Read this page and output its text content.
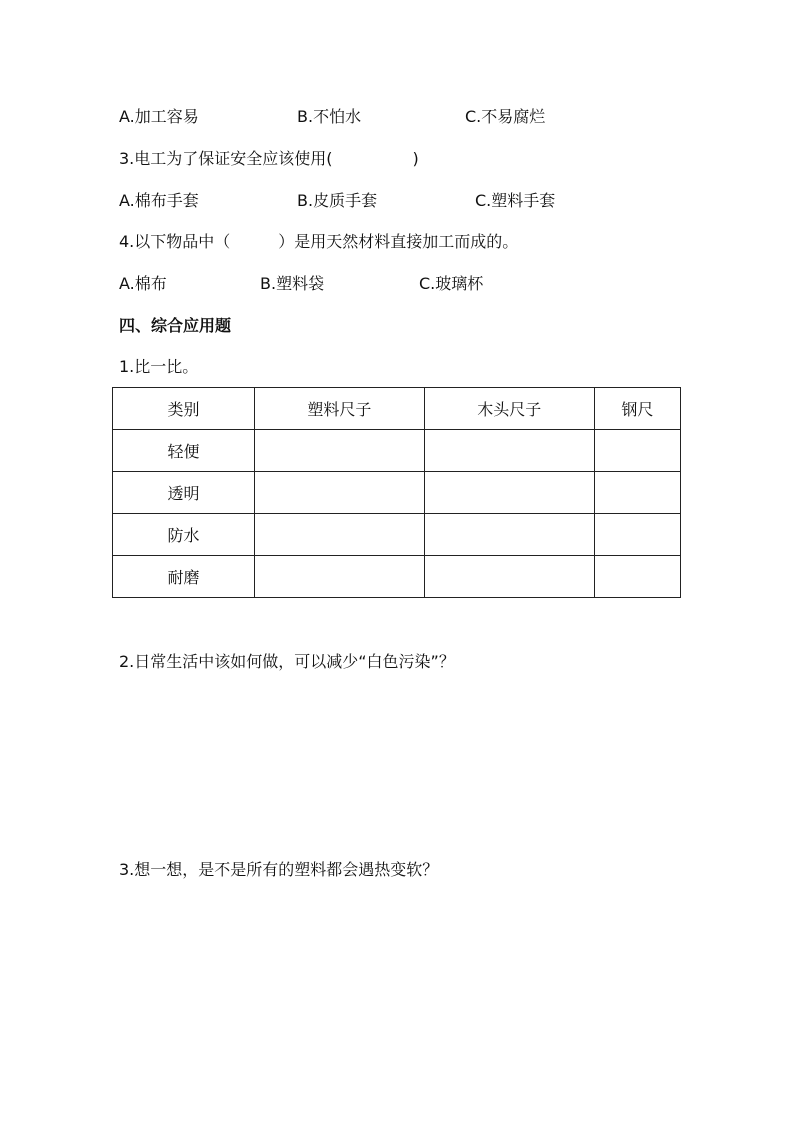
A.加工容易	B.不怕水	C.不易腐烂
3.电工为了保证安全应该使用(　　　　　)
A.棉布手套	B.皮质手套	C.塑料手套
4.以下物品中（　　　）是用天然材料直接加工而成的。
A.棉布	B.塑料袋	C.玻璃杯
四、综合应用题
1.比一比。
类别	塑料尺子	木头尺子	钢尺
轻便			
透明			
防水			
耐磨			
2.日常生活中该如何做，可以减少“白色污染”？
3.想一想，是不是所有的塑料都会遇热变软？
